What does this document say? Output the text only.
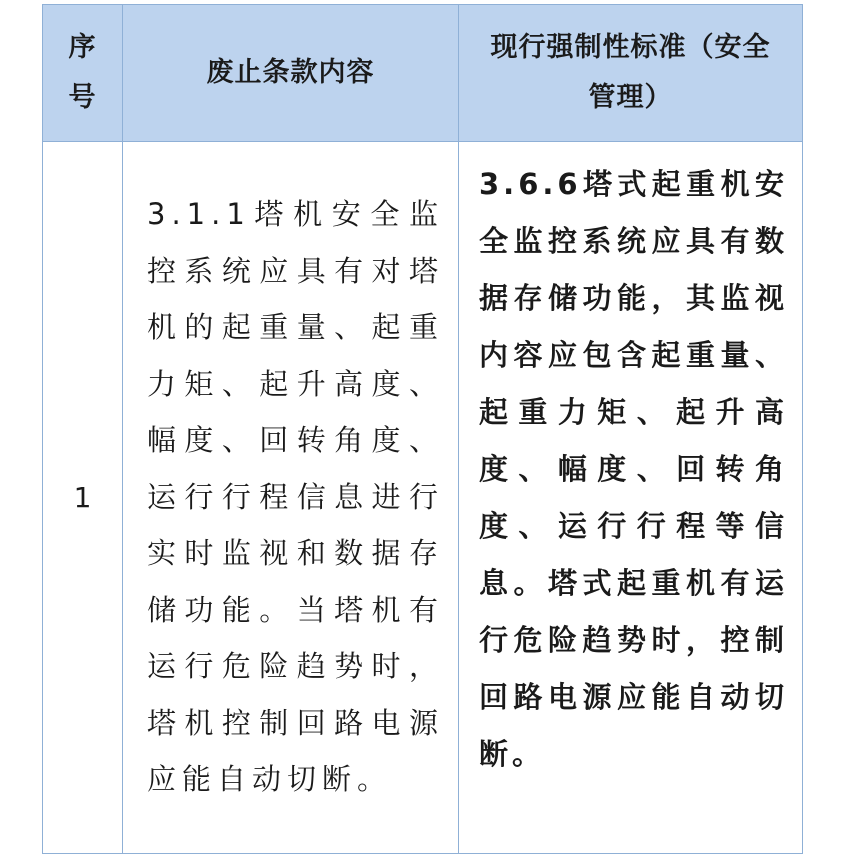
序号	废止条款内容	现行强制性标准（安全管理）
1	3.1.1塔机安全监控系统应具有对塔机的起重量、起重力矩、起升高度、幅度、回转角度、运行行程信息进行实时监视和数据存储功能。当塔机有运行危险趋势时，塔机控制回路电源应能自动切断。	3.6.6塔式起重机安全监控系统应具有数据存储功能，其监视内容应包含起重量、起重力矩、起升高度、幅度、回转角度、运行行程等信息。塔式起重机有运行危险趋势时，控制回路电源应能自动切断。
